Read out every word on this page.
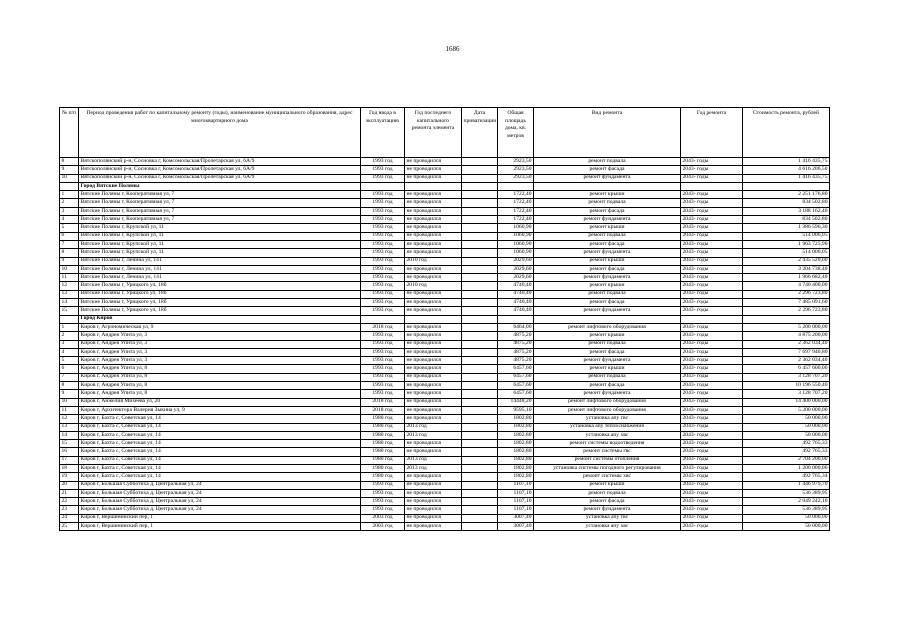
1686
№ п/п	Период проведения работ по капитальному ремонту (годы), наименование муниципального образования, адрес многоквартирного дома	Год ввода в эксплуатацию	Год последнего капитального ремонта элемента	Дата приватизации	Общая площадь дома, кв. метров	Вид ремонта	Год ремонта	Стоимость ремонта, рублей
8	Вятскополянский р-н, Сосновка г, Комсомольская/Пролетарская ул, 6А/9	1993 год	не проводился		2923,50	ремонт подвала	2043- годы	1 416 435,75
9	Вятскополянский р-н, Сосновка г, Комсомольская/Пролетарская ул, 6А/9	1993 год	не проводился		2923,50	ремонт фасада	2043- годы	4 616 206,50
10	Вятскополянский р-н, Сосновка г, Комсомольская/Пролетарская ул, 6А/9	1993 год	не проводился		2923,50	ремонт фундамента	2043- годы	1 416 435,75
	Город Вятские Поляны							
1	Вятские Поляны г, Кооперативная ул, 7	1993 год	не проводился		1722,40	ремонт крыши	2043- годы	2 251 176,80
2	Вятские Поляны г, Кооперативная ул, 7	1993 год	не проводился		1722,40	ремонт подвала	2043- годы	834 502,80
3	Вятские Поляны г, Кооперативная ул, 7	1993 год	не проводился		1722,40	ремонт фасада	2043- годы	3 188 162,40
4	Вятские Поляны г, Кооперативная ул, 7	1993 год	не проводился		1722,40	ремонт фундамента	2043- годы	834 502,80
5	Вятские Поляны г, Крупской ул, 11	1993 год	не проводился		1060,90	ремонт крыши	2043- годы	1 386 596,30
6	Вятские Поляны г, Крупской ул, 11	1993 год	не проводился		1060,90	ремонт подвала	2043- годы	514 006,05
7	Вятские Поляны г, Крупской ул, 11	1993 год	не проводился		1060,90	ремонт фасада	2043- годы	1 963 725,90
8	Вятские Поляны г, Крупской ул, 11	1993 год	не проводился		1060,90	ремонт фундамента	2043- годы	514 006,05
9	Вятские Поляны г, Ленина ул, 141	1993 год	2010 год		2029,60	ремонт крыши	2043- годы	2 435 520,00
10	Вятские Поляны г, Ленина ул, 141	1993 год	не проводился		2029,60	ремонт фасада	2043- годы	3 204 738,40
11	Вятские Поляны г, Ленина ул, 141	1993 год	не проводился		2029,60	ремонт фундамента	2043- годы	1 966 682,40
12	Вятские Поляны г, Урицкого ул, 18б	1993 год	2010 год		4740,40	ремонт крыши	2043- годы	4 740 400,00
13	Вятские Поляны г, Урицкого ул, 18б	1993 год	не проводился		4740,40	ремонт подвала	2043- годы	2 296 723,80
14	Вятские Поляны г, Урицкого ул, 18б	1993 год	не проводился		4740,40	ремонт фасада	2043- годы	7 485 091,60
15	Вятские Поляны г, Урицкого ул, 18б	1993 год	не проводился		4740,40	ремонт фундамента	2043- годы	2 296 723,80
	Город Киров							
1	Киров г, Агрономическая ул, 9	2018 год	не проводился		6464,00	ремонт лифтового оборудования	2043- годы	5 200 000,00
2	Киров г, Андрея Упита ул, 3	1993 год	не проводился		4875,20	ремонт крыши	2043- годы	4 875 200,00
3	Киров г, Андрея Упита ул, 3	1993 год	не проводился		4875,20	ремонт подвала	2043- годы	2 362 034,40
4	Киров г, Андрея Упита ул, 3	1993 год	не проводился		4875,20	ремонт фасада	2043- годы	7 697 940,80
5	Киров г, Андрея Упита ул, 3	1993 год	не проводился		4875,20	ремонт фундамента	2043- годы	2 362 034,40
6	Киров г, Андрея Упита ул, 8	1993 год	не проводился		6457,60	ремонт крыши	2043- годы	6 457 600,00
7	Киров г, Андрея Упита ул, 8	1993 год	не проводился		6457,60	ремонт подвала	2043- годы	3 128 707,20
8	Киров г, Андрея Упита ул, 8	1993 год	не проводился		6457,60	ремонт фасада	2043- годы	10 196 550,40
9	Киров г, Андрея Упита ул, 8	1993 год	не проводился		6457,60	ремонт фундамента	2043- годы	3 128 707,20
10	Киров г, Анжелия Михеева ул, 20	2018 год	не проводился		14448,20	ремонт лифтового оборудования	2043- годы	14 400 000,00
11	Киров г, Архитектора Валерия Зыкина ул, 9	2018 год	не проводился		9595,10	ремонт лифтового оборудования	2043- годы	5 200 000,00
12	Киров г, Бахта с, Советская ул, 14	1980 год	не проводился		1802,80	установка апу гвс	2043- годы	50 000,00
13	Киров г, Бахта с, Советская ул, 14	1980 год	2013 год		1802,80	установка апу теплоснабжения	2043- годы	50 000,00
14	Киров г, Бахта с, Советская ул, 14	1980 год	2013 год		1802,80	установка апу хвс	2043- годы	50 000,00
15	Киров г, Бахта с, Советская ул, 14	1980 год	не проводился		1802,80	ремонт системы водоотведения	2043- годы	492 765,33
16	Киров г, Бахта с, Советская ул, 14	1980 год	не проводился		1802,80	ремонт системы гвс	2043- годы	492 765,33
17	Киров г, Бахта с, Советская ул, 14	1980 год	2013 год		1802,80	ремонт системы отопления	2043- годы	2 704 200,00
18	Киров г, Бахта с, Советская ул, 14	1980 год	2013 год		1802,80	установка системы погодного регулирования	2043- годы	1 200 000,00
19	Киров г, Бахта с, Советская ул, 14	1980 год	не проводился		1802,80	ремонт системы хвс	2043- годы	492 765,34
20	Киров г, Большая Субботиха д, Центральная ул, 24	1993 год	не проводился		1107,10	ремонт крыши	2043- годы	1 446 979,70
21	Киров г, Большая Субботиха д, Центральная ул, 24	1993 год	не проводился		1107,10	ремонт подвала	2043- годы	536 389,95
22	Киров г, Большая Субботиха д, Центральная ул, 24	1993 год	не проводился		1107,10	ремонт фасада	2043- годы	2 049 242,10
23	Киров г, Большая Субботиха д, Центральная ул, 24	1993 год	не проводился		1107,10	ремонт фундамента	2043- годы	536 389,95
24	Киров г, Вершининский пер, 1	2003 год	не проводился		3007,40	установка апу гвс	2043- годы	50 000,00
25	Киров г, Вершининский пер, 1	2003 год	не проводился		3007,40	установка апу хвс	2043- годы	50 000,00
